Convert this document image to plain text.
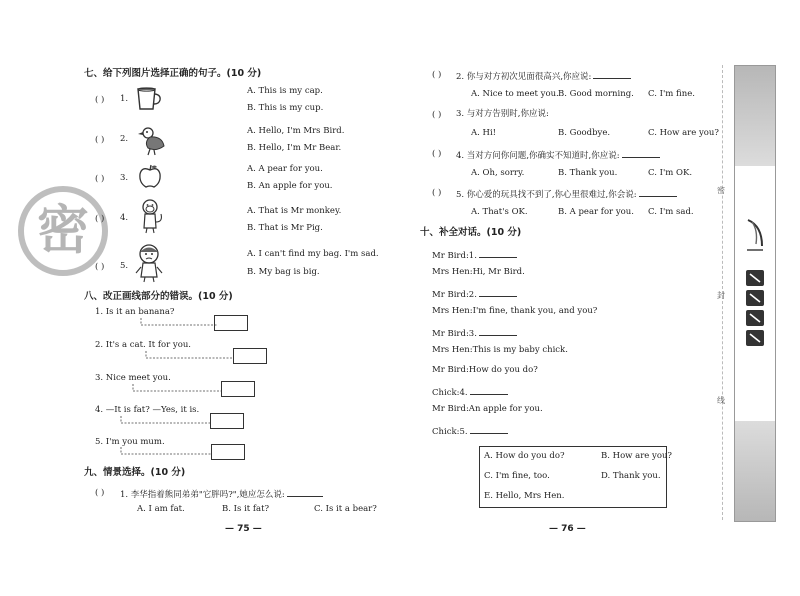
密
七、给下列图片选择正确的句子。(10 分)
( ) 1.
A. This is my cap.
B. This is my cup.
( ) 2.
A. Hello, I'm Mrs Bird.
B. Hello, I'm Mr Bear.
( ) 3.
A. A pear for you.
B. An apple for you.
( ) 4.
A. That is Mr monkey.
B. That is Mr Pig.
( ) 5.
A. I can't find my bag. I'm sad.
B. My bag is big.
八、改正画线部分的错误。(10 分)
1. Is it an banana?
2. It's a cat. It for you.
3. Nice meet you.
4. —It is fat? —Yes, it is.
5. I'm you mum.
九、情景选择。(10 分)
( ) 1. 李华指着熊同弟弟"它胖吗?",她应怎么说:
A. I am fat.	B. Is it fat?	C. Is it a bear?
— 75 —
( ) 2. 你与对方初次见面很高兴,你应说:
A. Nice to meet you. B. Good morning. C. I'm fine.
( ) 3. 与对方告别时,你应说:
A. Hi!	B. Goodbye.	C. How are you?
( ) 4. 当对方问你问题,你确实不知道时,你应说:
A. Oh, sorry.	B. Thank you.	C. I'm OK.
( ) 5. 你心爱的玩具找不到了,你心里很难过,你会说:
A. That's OK.	B. A pear for you. C. I'm sad.
十、补全对话。(10 分)
Mr Bird:1.
Mrs Hen:Hi, Mr Bird.
Mr Bird:2.
Mrs Hen:I'm fine, thank you, and you?
Mr Bird:3.
Mrs Hen:This is my baby chick.
Mr Bird:How do you do?
Chick:4.
Mr Bird:An apple for you.
Chick:5.
A. How do you do?	B. How are you?
C. I'm fine, too.	D. Thank you.
E. Hello, Mrs Hen.
— 76 —
密
封
线
